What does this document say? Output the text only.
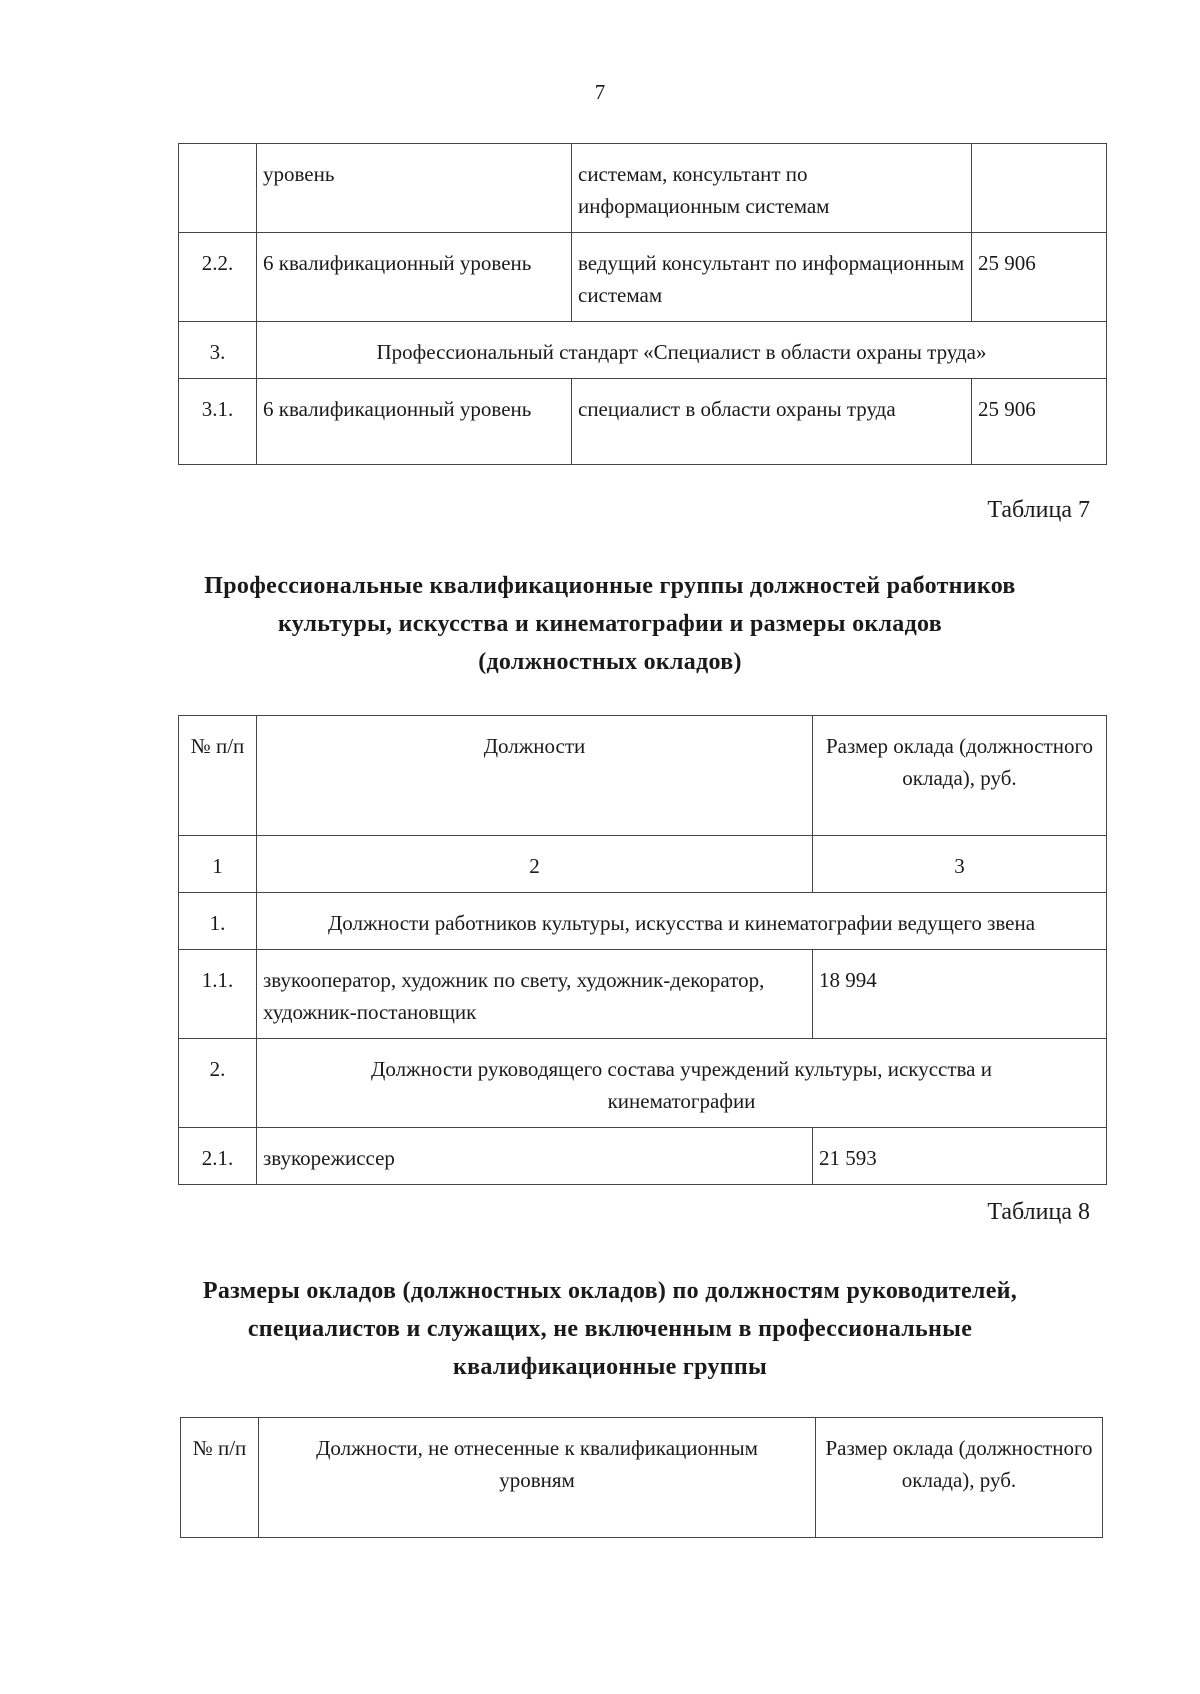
7
	уровень	системам, консультант по информационным системам	
2.2.	6 квалификационный уровень	ведущий консультант по информационным системам	25 906
3.	Профессиональный стандарт «Специалист в области охраны труда»		
3.1.	6 квалификационный уровень	специалист в области охраны труда	25 906
Таблица 7
Профессиональные квалификационные группы должностей работников культуры, искусства и кинематографии и размеры окладов (должностных окладов)
№ п/п	Должности	Размер оклада (должностного оклада), руб.
1	2	3
1.	Должности работников культуры, искусства и кинематографии ведущего звена	
1.1.	звукооператор, художник по свету, художник-декоратор, художник-постановщик	18 994
2.	Должности руководящего состава учреждений культуры, искусства и кинематографии	
2.1.	звукорежиссер	21 593
Таблица 8
Размеры окладов (должностных окладов) по должностям руководителей, специалистов и служащих, не включенным в профессиональные квалификационные группы
№ п/п	Должности, не отнесенные к квалификационным уровням	Размер оклада (должностного оклада), руб.
